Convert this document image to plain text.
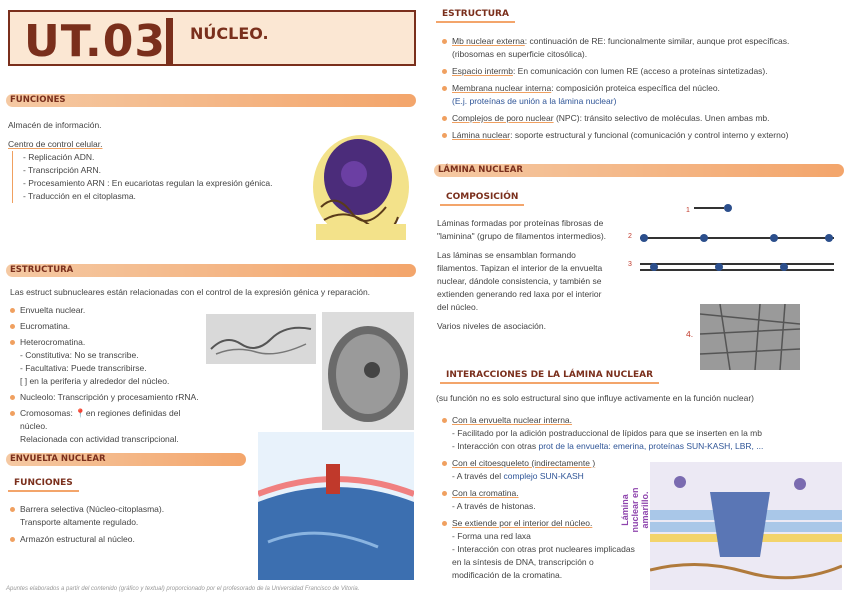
UT.03 NÚCLEO.
FUNCIONES
Almacén de información.
Centro de control celular.
- Replicación ADN.
- Transcripción ARN.
- Procesamiento ARN : En eucariotas regulan la expresión génica.
- Traducción en el citoplasma.
ESTRUCTURA
Las estruct subnucleares están relacionadas con el control de la expresión génica y reparación.
Envuelta nuclear.
Eucromatina.
Heterocromatina.
- Constitutiva: No se transcribe.
- Facultativa: Puede transcribirse.
[ ] en la periferia y alrededor del núcleo.
Nucleolo: Transcripción y procesamiento rRNA.
Cromosomas: 📍en regiones definidas del núcleo.
Relacionada con actividad transcripcional.
ENVUELTA NUCLEAR
FUNCIONES
Barrera selectiva (Núcleo-citoplasma).
Transporte altamente regulado.
Armazón estructural al núcleo.
ESTRUCTURA
Mb nuclear externa: continuación de RE: funcionalmente similar, aunque prot específicas.
(ribosomas en superficie citosólica).
Espacio intermb: En comunicación con lumen RE (acceso a proteínas sintetizadas).
Membrana nuclear interna: composición proteica específica del núcleo.
(E.j. proteínas de unión a la lámina nuclear)
Complejos de poro nuclear (NPC): tránsito selectivo de moléculas. Unen ambas mb.
Lámina nuclear: soporte estructural y funcional (comunicación y control interno y externo)
LÁMINA NUCLEAR
COMPOSICIÓN
Láminas formadas por proteínas fibrosas de "laminina" (grupo de filamentos intermedios).
Las láminas se ensamblan formando filamentos. Tapizan el interior de la envuelta nuclear, dándole consistencia, y también se extienden generando red laxa por el interior del núcleo.
Varios niveles de asociación.
1
2
3
4.
INTERACCIONES DE LA LÁMINA NUCLEAR
(su función no es solo estructural sino que influye activamente en la función nuclear)
Con la envuelta nuclear interna.
- Facilitado por la adición postraduccional de lípidos para que se inserten en la mb
- Interacción con otras prot de la envuelta: emerina, proteínas SUN-KASH, LBR, ...
Con el citoesqueleto (indirectamente )
- A través del complejo SUN-KASH
Con la cromatina.
- A través de histonas.
Se extiende por el interior del núcleo.
- Forma una red laxa
- Interacción con otras prot nucleares implicadas en la síntesis de DNA, transcripción o modificación de la cromatina.
Lámina nuclear en amarillo.
Apuntes elaborados a partir del contenido (gráfico y textual) proporcionado por el profesorado de la Universidad Francisco de Vitoria.
